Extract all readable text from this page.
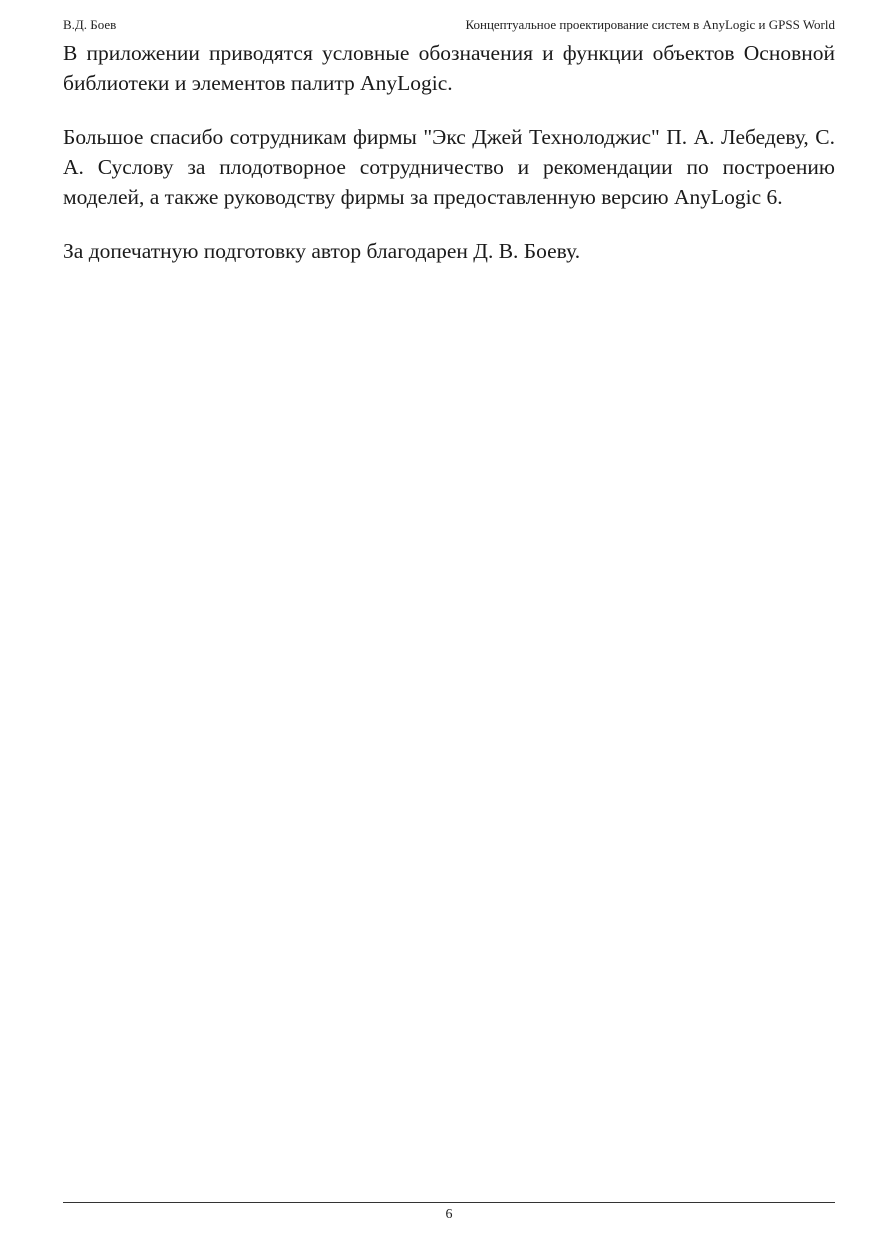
В.Д. Боев	Концептуальное проектирование систем в AnyLogic и GPSS World

В приложении приводятся условные обозначения и функции объектов Основной библиотеки и элементов палитр AnyLogic.

Большое спасибо сотрудникам фирмы "Экс Джей Технолоджис" П. А. Лебедеву, С. А. Суслову за плодотворное сотрудничество и рекомендации по построению моделей, а также руководству фирмы за предоставленную версию AnyLogic 6.

За допечатную подготовку автор благодарен Д. В. Боеву.

6
